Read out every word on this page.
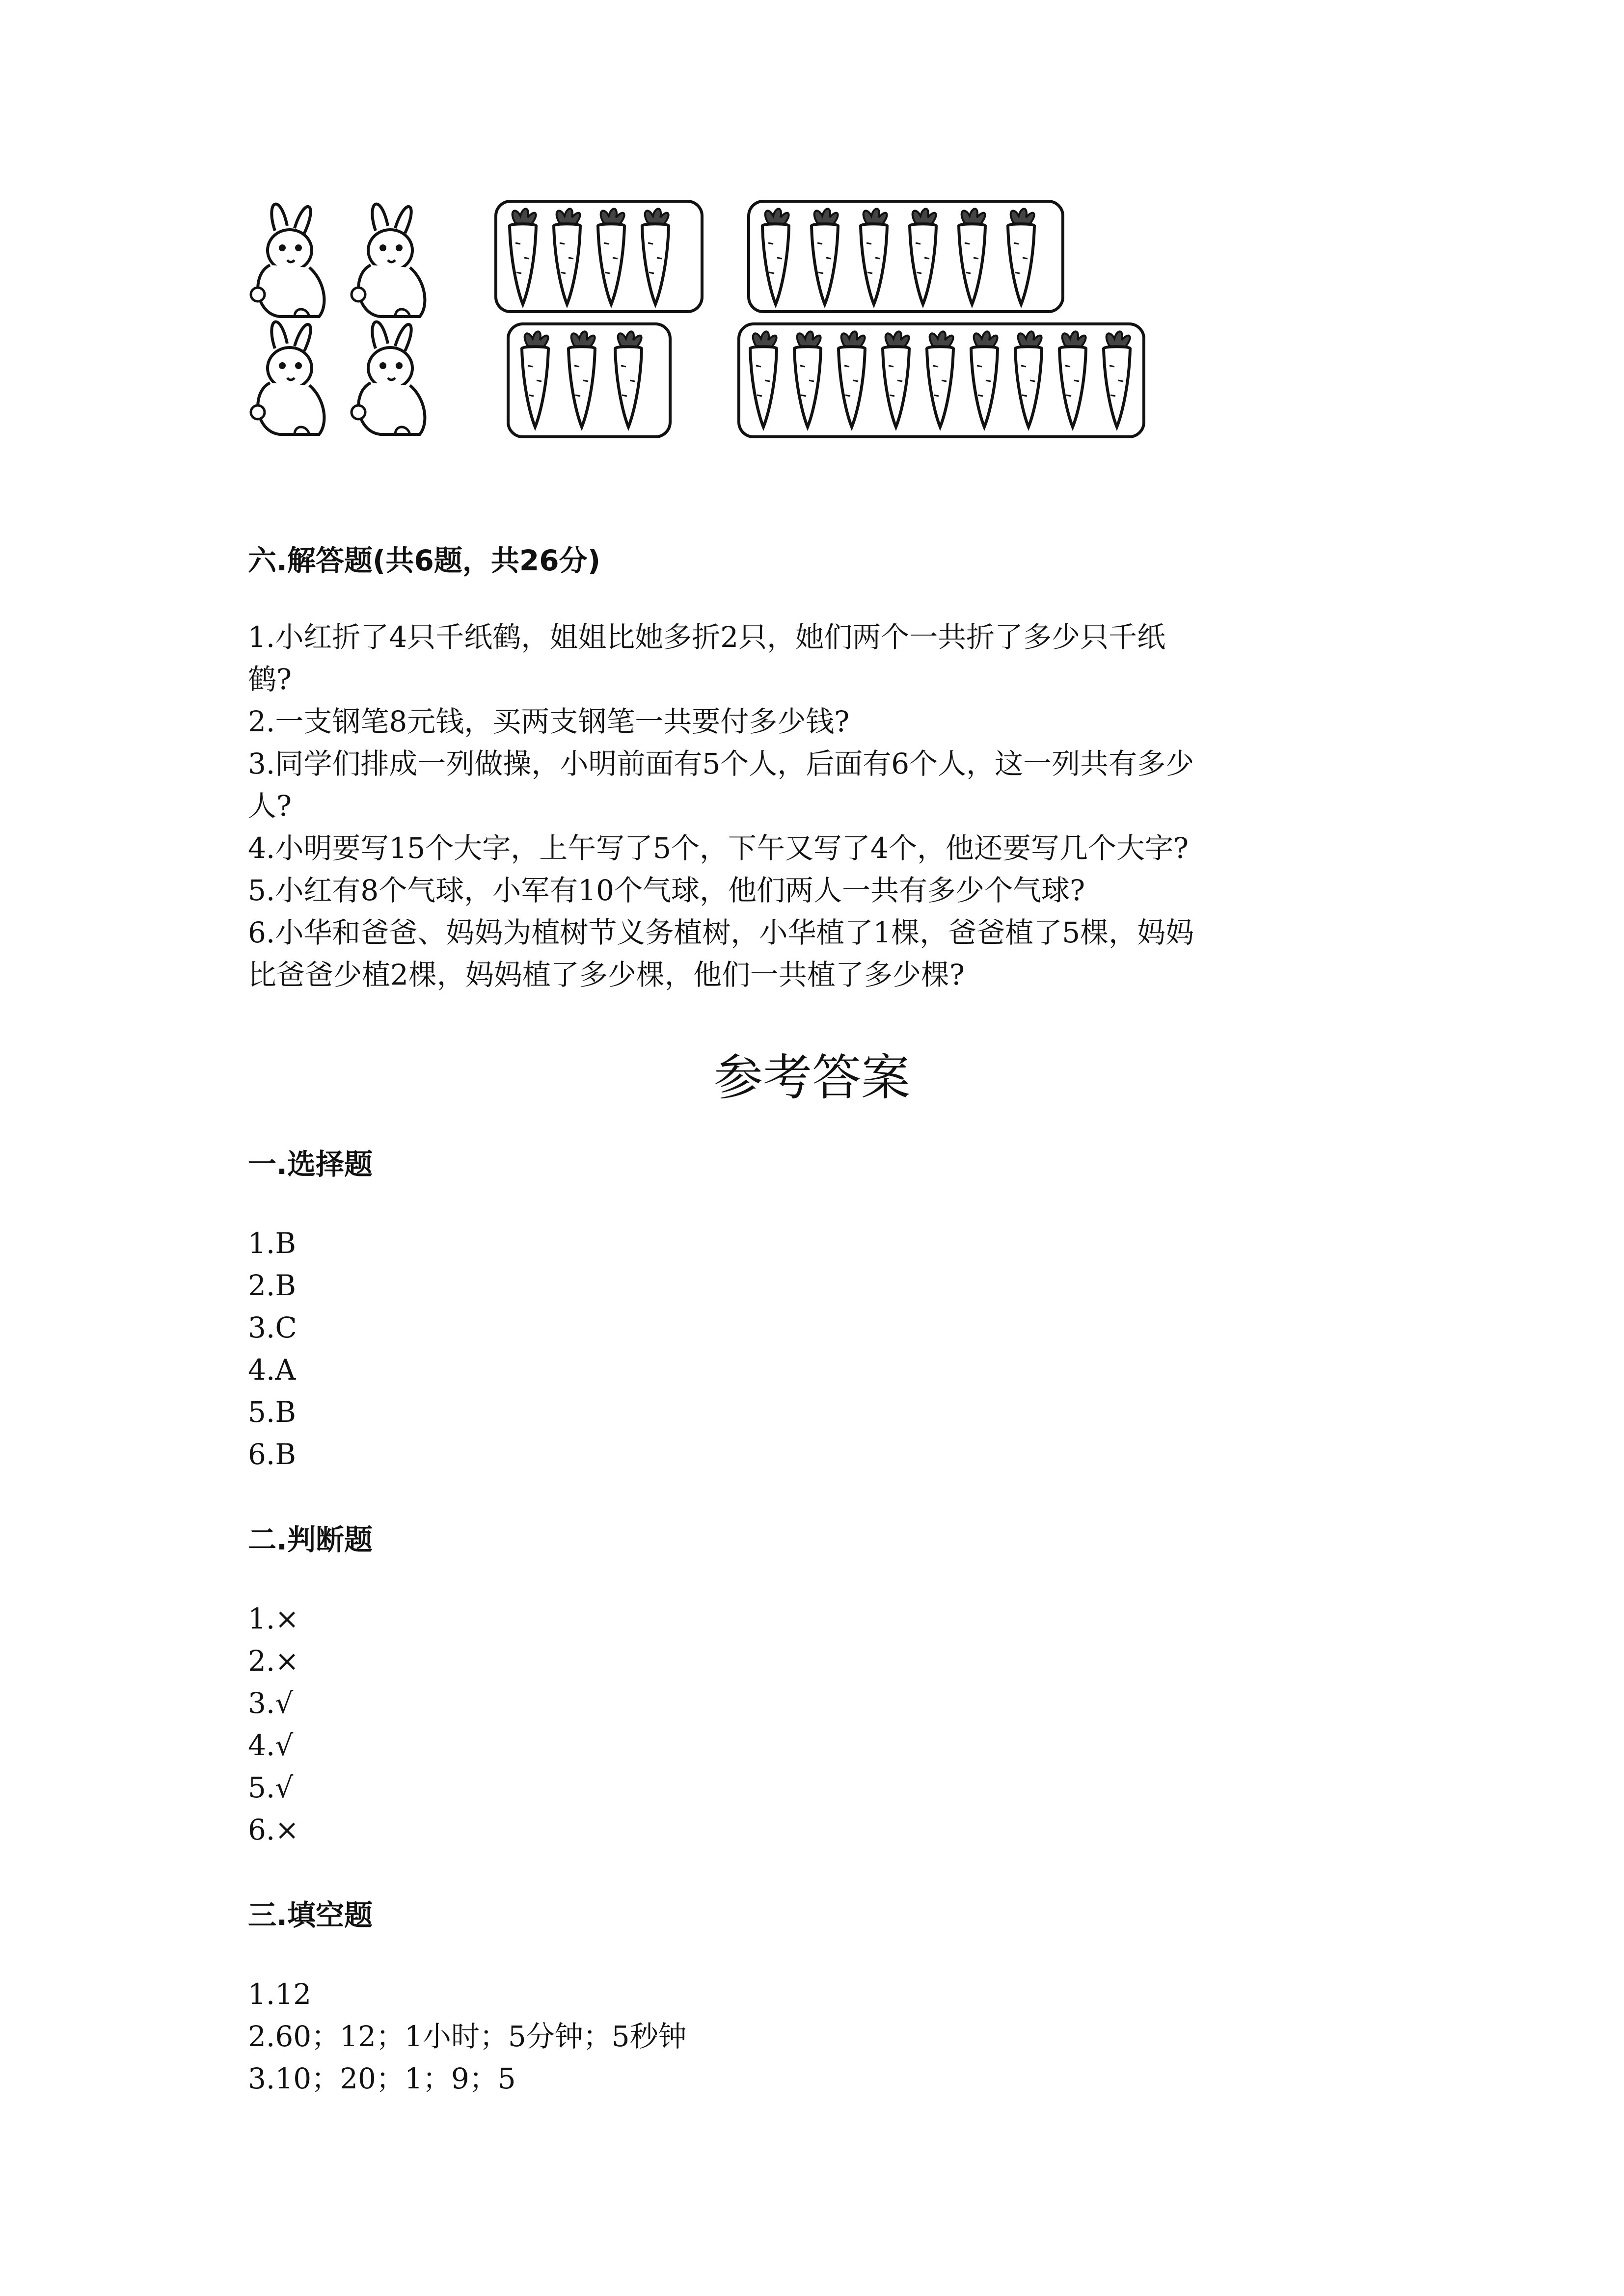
六.解答题(共6题，共26分)
1.小红折了4只千纸鹤，姐姐比她多折2只，她们两个一共折了多少只千纸
鹤?
2.一支钢笔8元钱，买两支钢笔一共要付多少钱?
3.同学们排成一列做操，小明前面有5个人，后面有6个人，这一列共有多少
人?
4.小明要写15个大字，上午写了5个，下午又写了4个，他还要写几个大字?
5.小红有8个气球，小军有10个气球，他们两人一共有多少个气球?
6.小华和爸爸、妈妈为植树节义务植树，小华植了1棵，爸爸植了5棵，妈妈
比爸爸少植2棵，妈妈植了多少棵，他们一共植了多少棵?
参考答案
一.选择题
1.B
2.B
3.C
4.A
5.B
6.B
二.判断题
1.×
2.×
3.√
4.√
5.√
6.×
三.填空题
1.12
2.60；12；1小时；5分钟；5秒钟
3.10；20；1；9；5
